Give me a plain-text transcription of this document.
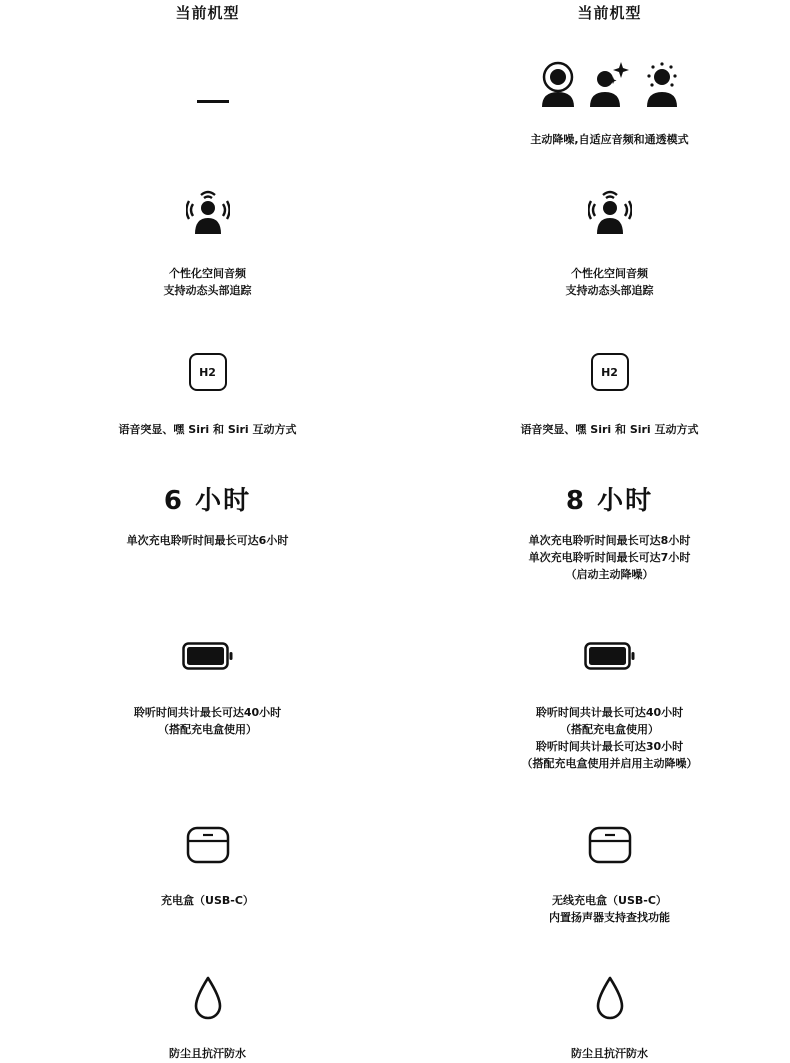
当前机型
个性化空间音频
支持动态头部追踪
H2
语音突显、嘿 Siri 和 Siri 互动方式
6 小时
单次充电聆听时间最长可达6小时
聆听时间共计最长可达40小时
（搭配充电盒使用）
充电盒（USB-C）
防尘且抗汗防水
当前机型
主动降噪,自适应音频和通透模式
个性化空间音频
支持动态头部追踪
H2
语音突显、嘿 Siri 和 Siri 互动方式
8 小时
单次充电聆听时间最长可达8小时
单次充电聆听时间最长可达7小时
（启动主动降噪）
聆听时间共计最长可达40小时
（搭配充电盒使用）
聆听时间共计最长可达30小时
（搭配充电盒使用并启用主动降噪）
无线充电盒（USB-C）
内置扬声器支持查找功能
防尘且抗汗防水
